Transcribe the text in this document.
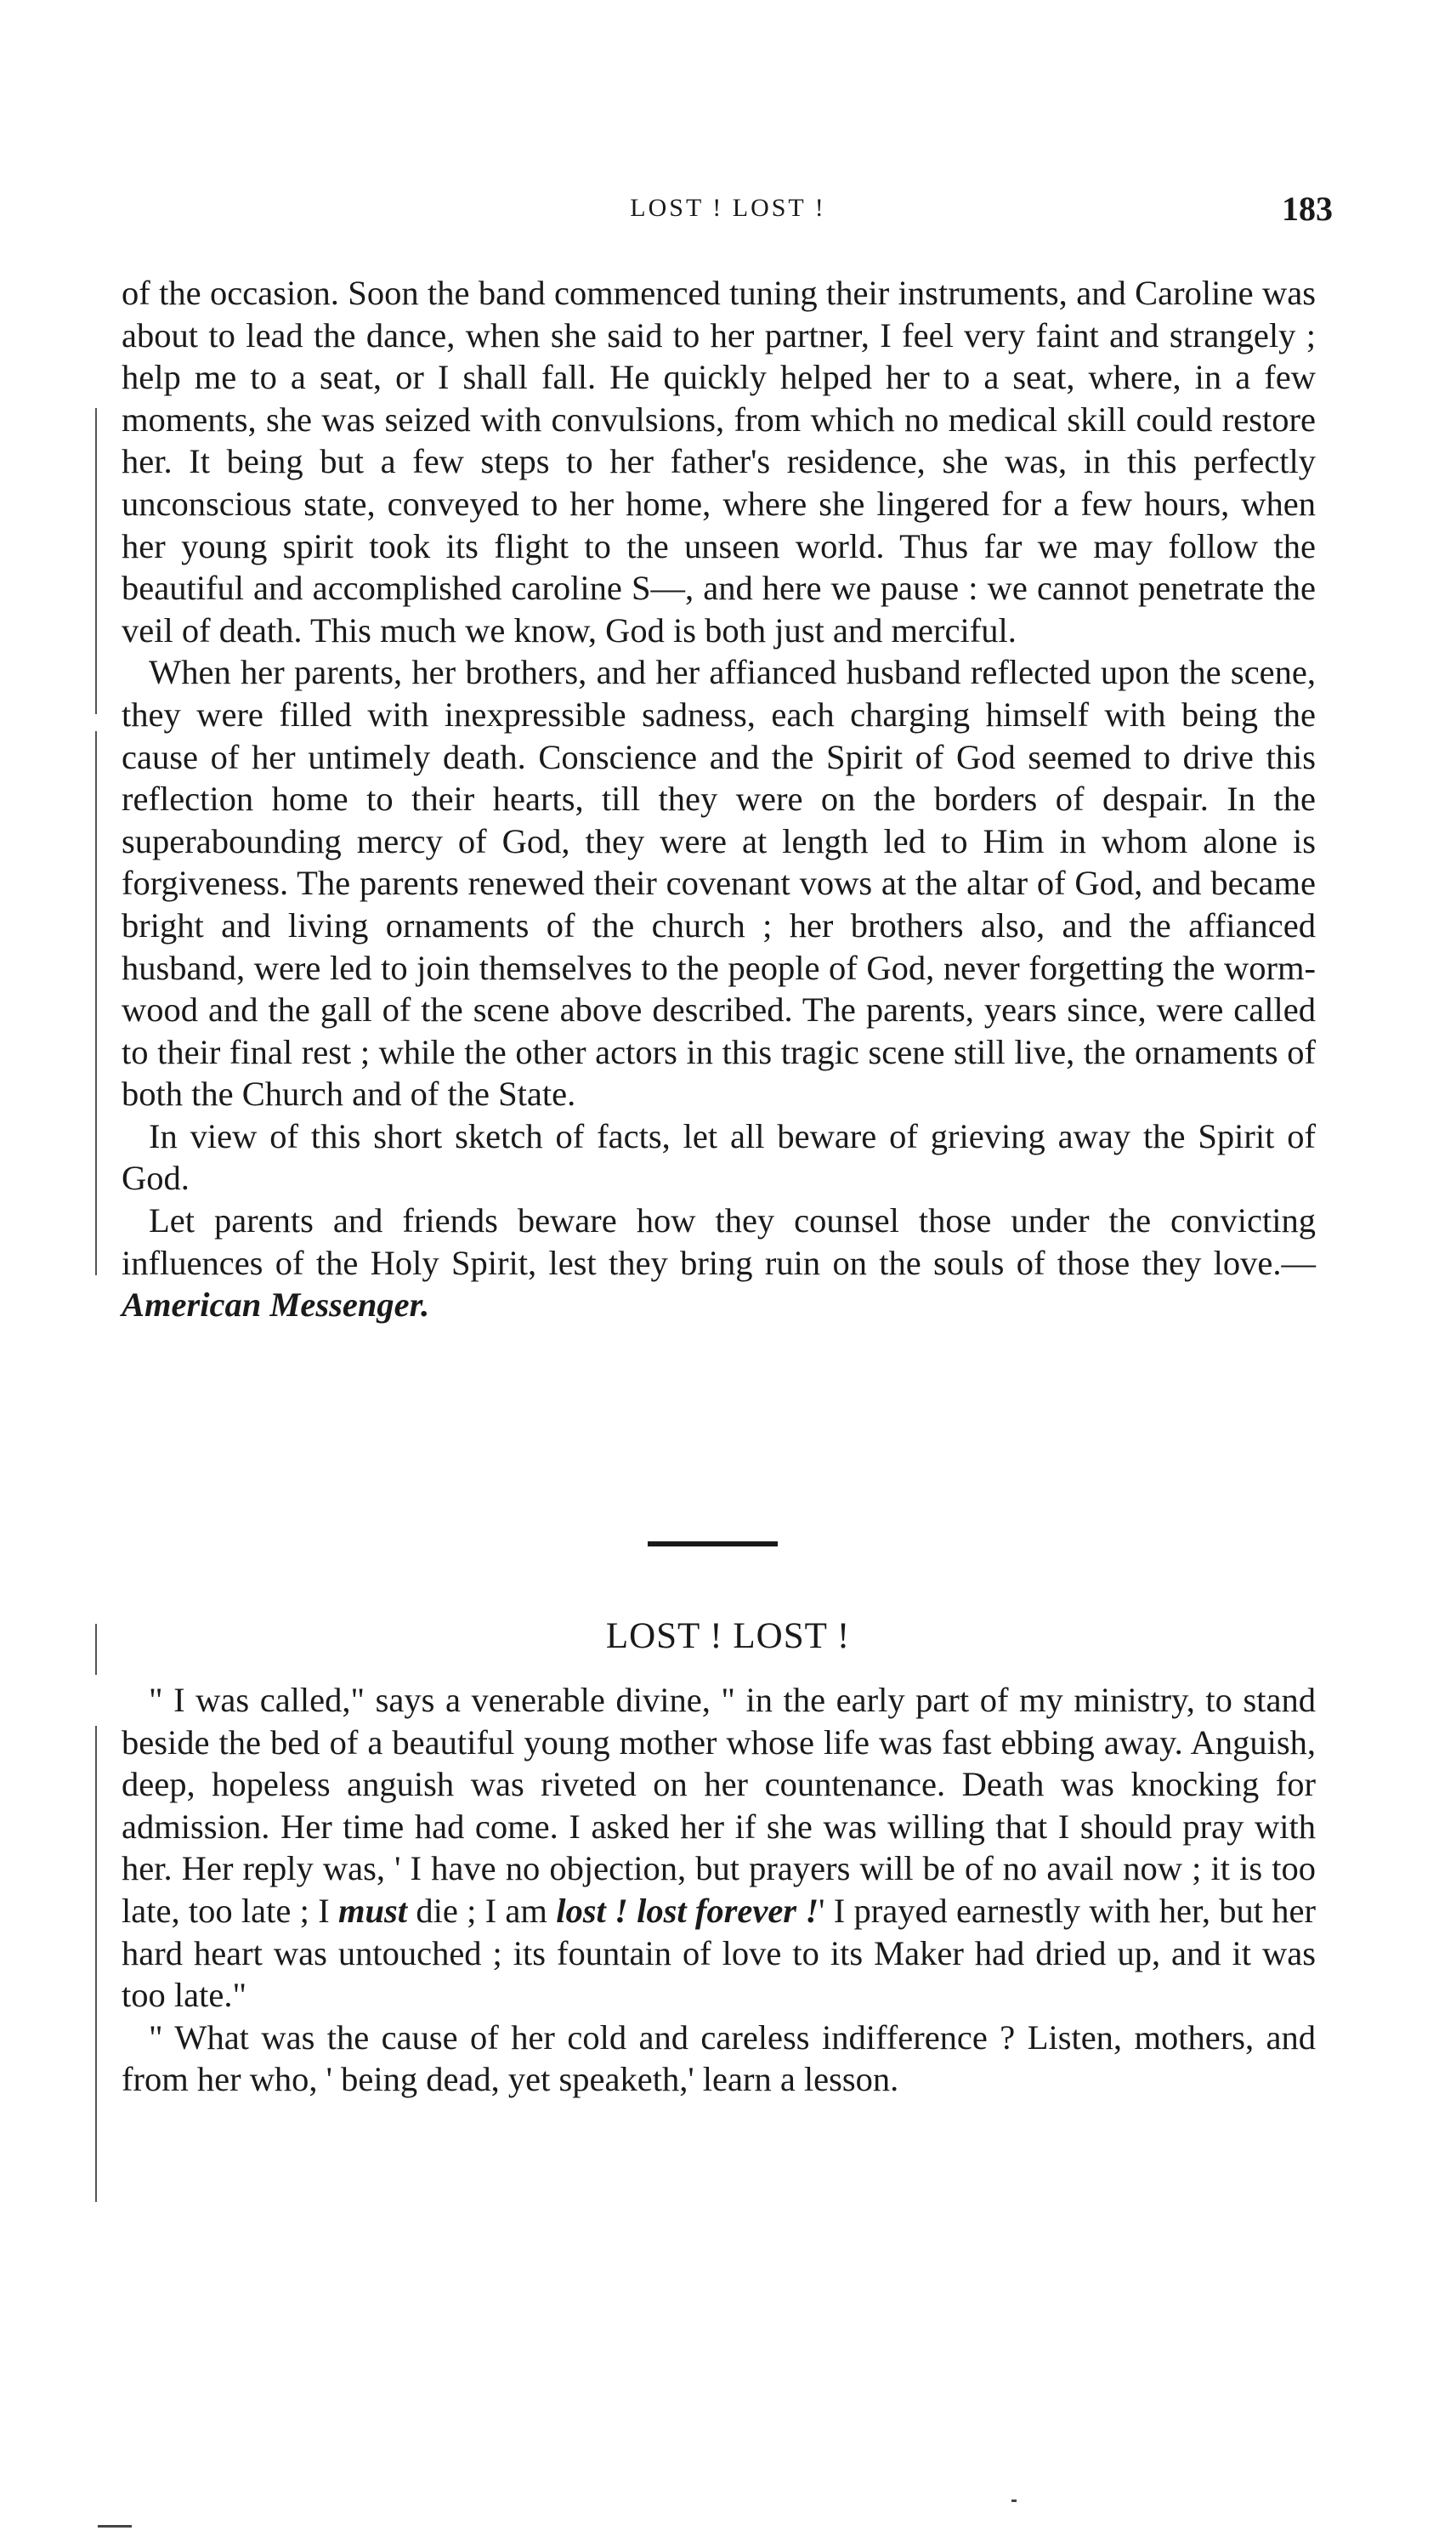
LOST ! LOST !	183

of the occasion. Soon the band commenced tuning their instruments, and Caroline was about to lead the dance, when she said to her partner, I feel very faint and strangely ; help me to a seat, or I shall fall. He quickly helped her to a seat, where, in a few moments, she was seized with convulsions, from which no medical skill could restore her. It being but a few steps to her father's residence, she was, in this perfectly unconscious state, conveyed to her home, where she lingered for a few hours, when her young spirit took its flight to the unseen world. Thus far we may follow the beautiful and accomplished caroline S—, and here we pause : we cannot penetrate the veil of death. This much we know, God is both just and merciful.

When her parents, her brothers, and her affianced husband reflected upon the scene, they were filled with inexpressible sadness, each charging himself with being the cause of her untimely death. Conscience and the Spirit of God seemed to drive this reflection home to their hearts, till they were on the borders of despair. In the superabounding mercy of God, they were at length led to Him in whom alone is forgiveness. The parents renewed their covenant vows at the altar of God, and became bright and living ornaments of the church ; her brothers also, and the affianced husband, were led to join themselves to the people of God, never forgetting the worm-wood and the gall of the scene above described. The parents, years since, were called to their final rest ; while the other actors in this tragic scene still live, the ornaments of both the Church and of the State.

In view of this short sketch of facts, let all beware of grieving away the Spirit of God.

Let parents and friends beware how they counsel those under the convicting influences of the Holy Spirit, lest they bring ruin on the souls of those they love.—American Messenger.

LOST ! LOST !

" I was called," says a venerable divine, " in the early part of my ministry, to stand beside the bed of a beautiful young mother whose life was fast ebbing away. Anguish, deep, hopeless anguish was riveted on her countenance. Death was knocking for admission. Her time had come. I asked her if she was willing that I should pray with her. Her reply was, ' I have no objection, but prayers will be of no avail now ; it is too late, too late ; I must die ; I am lost ! lost forever !' I prayed earnestly with her, but her hard heart was untouched ; its fountain of love to its Maker had dried up, and it was too late."

" What was the cause of her cold and careless indifference ? Listen, mothers, and from her who, ' being dead, yet speaketh,' learn a lesson.
